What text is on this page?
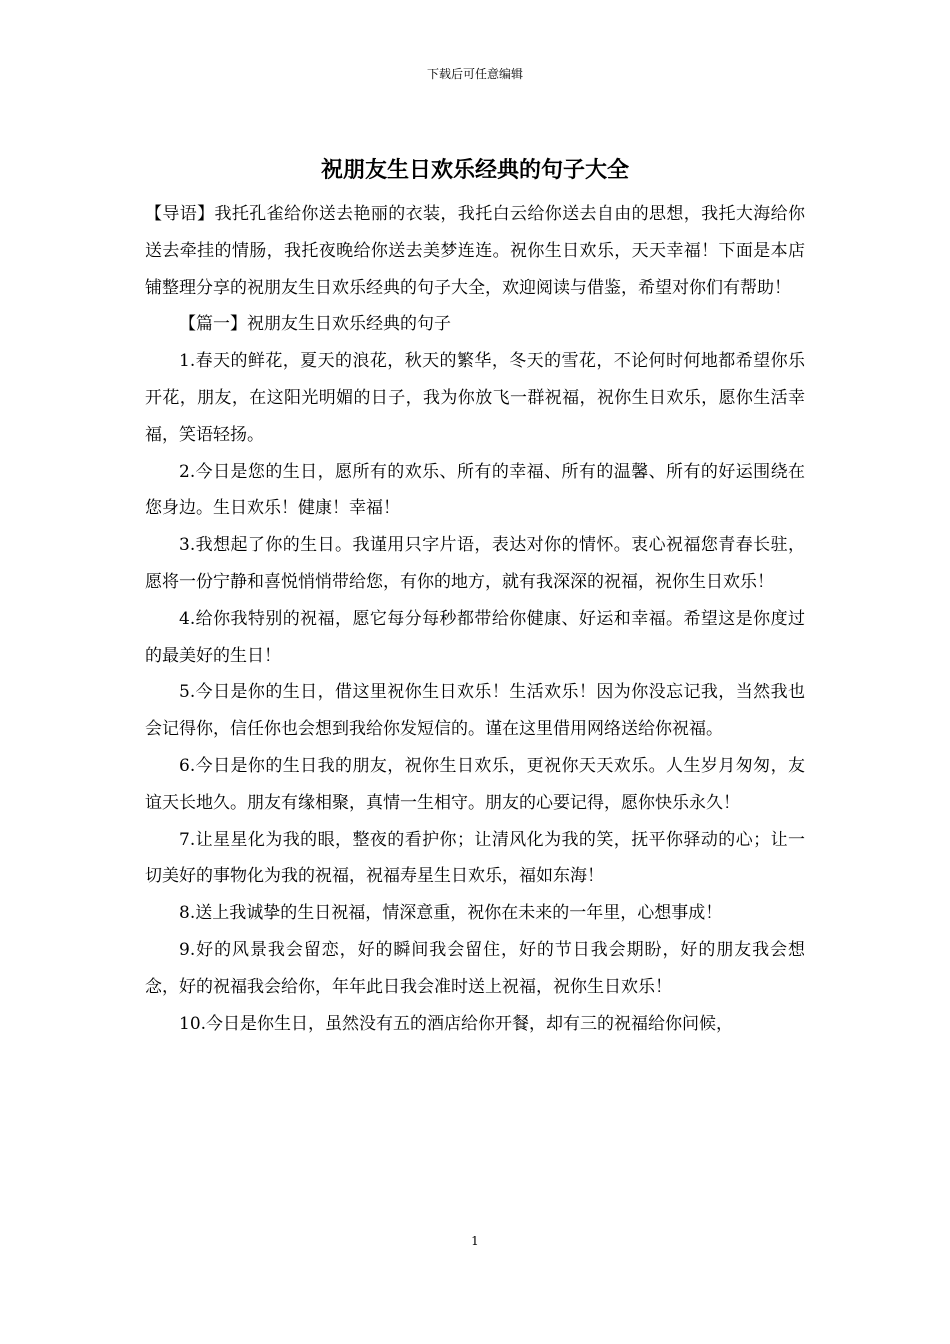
下载后可任意编辑
祝朋友生日欢乐经典的句子大全

【导语】我托孔雀给你送去艳丽的衣装，我托白云给你送去自由的思想，我托大海给你送去牵挂的情肠，我托夜晚给你送去美梦连连。祝你生日欢乐，天天幸福！下面是本店铺整理分享的祝朋友生日欢乐经典的句子大全，欢迎阅读与借鉴，希望对你们有帮助！

【篇一】祝朋友生日欢乐经典的句子

1.春天的鲜花，夏天的浪花，秋天的繁华，冬天的雪花，不论何时何地都希望你乐开花，朋友，在这阳光明媚的日子，我为你放飞一群祝福，祝你生日欢乐，愿你生活幸福，笑语轻扬。

2.今日是您的生日，愿所有的欢乐、所有的幸福、所有的温馨、所有的好运围绕在您身边。生日欢乐！健康！幸福！

3.我想起了你的生日。我谨用只字片语，表达对你的情怀。衷心祝福您青春长驻，愿将一份宁静和喜悦悄悄带给您，有你的地方，就有我深深的祝福，祝你生日欢乐！

4.给你我特别的祝福，愿它每分每秒都带给你健康、好运和幸福。希望这是你度过的最美好的生日！

5.今日是你的生日，借这里祝你生日欢乐！生活欢乐！因为你没忘记我，当然我也会记得你，信任你也会想到我给你发短信的。谨在这里借用网络送给你祝福。

6.今日是你的生日我的朋友，祝你生日欢乐，更祝你天天欢乐。人生岁月匆匆，友谊天长地久。朋友有缘相聚，真情一生相守。朋友的心要记得，愿你快乐永久！

7.让星星化为我的眼，整夜的看护你；让清风化为我的笑，抚平你驿动的心；让一切美好的事物化为我的祝福，祝福寿星生日欢乐，福如东海！

8.送上我诚挚的生日祝福，情深意重，祝你在未来的一年里，心想事成！

9.好的风景我会留恋，好的瞬间我会留住，好的节日我会期盼，好的朋友我会想念，好的祝福我会给你，年年此日我会准时送上祝福，祝你生日欢乐！

10.今日是你生日，虽然没有五的酒店给你开餐，却有三的祝福给你问候，

1
